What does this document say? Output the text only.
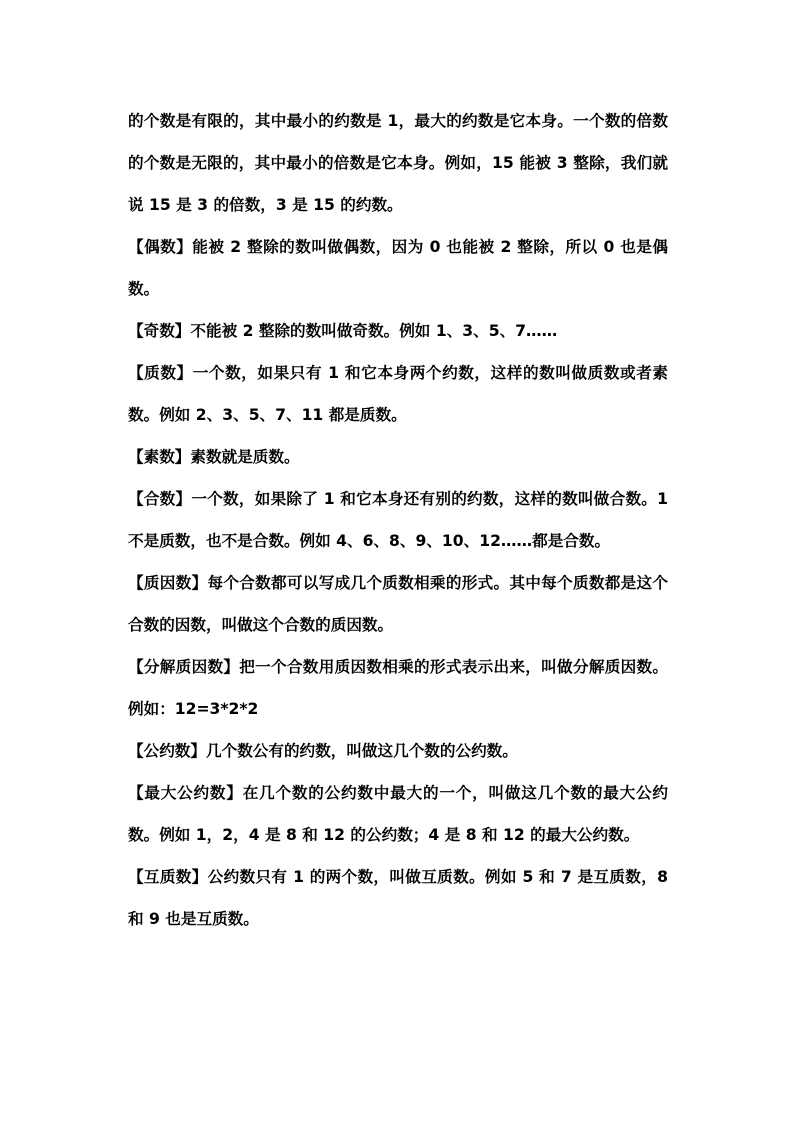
的个数是有限的，其中最小的约数是 1，最大的约数是它本身。一个数的倍数的个数是无限的，其中最小的倍数是它本身。例如，15 能被 3 整除，我们就说 15 是 3 的倍数，3 是 15 的约数。

【偶数】能被 2 整除的数叫做偶数，因为 0 也能被 2 整除，所以 0 也是偶数。

【奇数】不能被 2 整除的数叫做奇数。例如 1、3、5、7……

【质数】一个数，如果只有 1 和它本身两个约数，这样的数叫做质数或者素数。例如 2、3、5、7、11 都是质数。

【素数】素数就是质数。

【合数】一个数，如果除了 1 和它本身还有别的约数，这样的数叫做合数。1 不是质数，也不是合数。例如 4、6、8、9、10、12……都是合数。

【质因数】每个合数都可以写成几个质数相乘的形式。其中每个质数都是这个合数的因数，叫做这个合数的质因数。

【分解质因数】把一个合数用质因数相乘的形式表示出来，叫做分解质因数。例如：12=3*2*2

【公约数】几个数公有的约数，叫做这几个数的公约数。

【最大公约数】在几个数的公约数中最大的一个，叫做这几个数的最大公约数。例如 1，2，4 是 8 和 12 的公约数；4 是 8 和 12 的最大公约数。

【互质数】公约数只有 1 的两个数，叫做互质数。例如 5 和 7 是互质数，8 和 9 也是互质数。
